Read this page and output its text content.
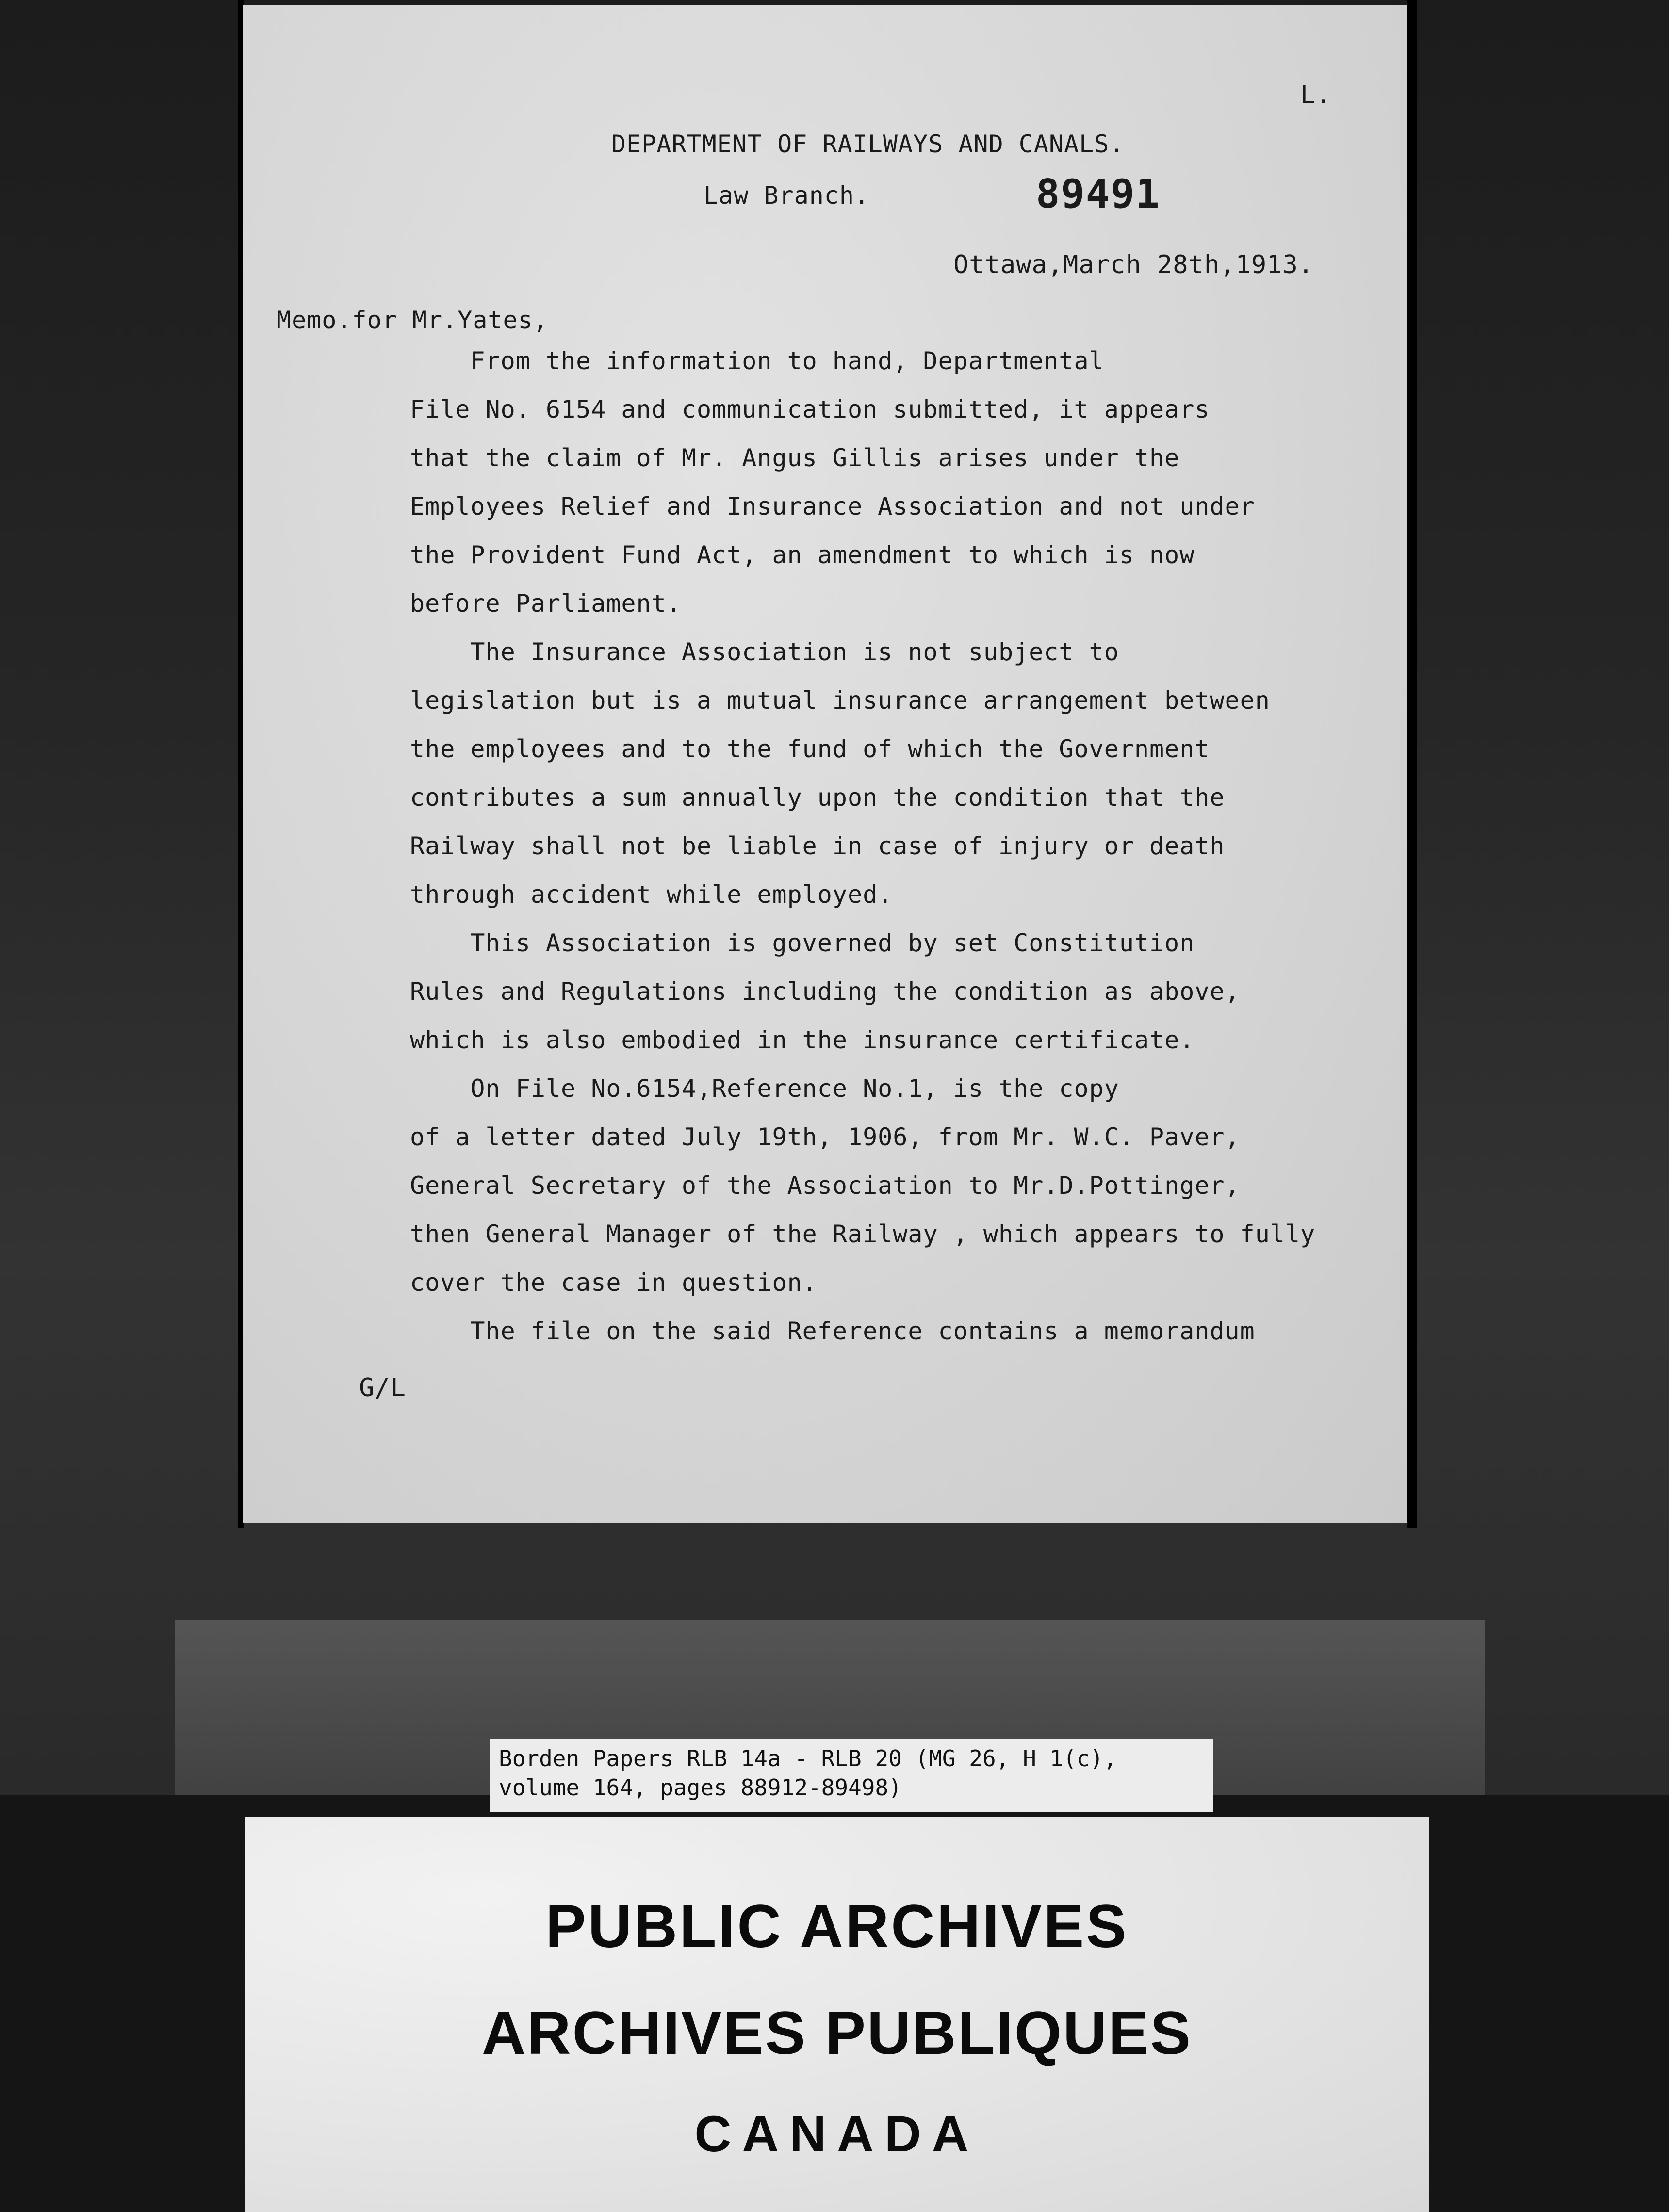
L.
DEPARTMENT OF RAILWAYS AND CANALS.
Law Branch.	89491
Ottawa,March 28th,1913.
Memo.for Mr.Yates,
From the information to hand, Departmental
File No. 6154 and communication submitted, it appears
that the claim of Mr. Angus Gillis arises under the
Employees Relief and Insurance Association and not under
the Provident Fund Act, an amendment to which is now
before Parliament.
The Insurance Association is not subject to
legislation but is a mutual insurance arrangement between
the employees and to the fund of which the Government
contributes a sum annually upon the condition that the
Railway shall not be liable in case of injury or death
through accident while employed.
This Association is governed by set Constitution
Rules and Regulations including the condition as above,
which is also embodied in the insurance certificate.
On File No.6154,Reference No.1, is the copy
of a letter dated July 19th, 1906, from Mr. W.C. Paver,
General Secretary of the Association to Mr.D.Pottinger,
then General Manager of the Railway , which appears to fully
cover the case in question.
The file on the said Reference contains a memorandum
G/L
Borden Papers RLB 14a - RLB 20 (MG 26, H 1(c),
volume 164, pages 88912-89498)
PUBLIC ARCHIVES
ARCHIVES PUBLIQUES
CANADA
